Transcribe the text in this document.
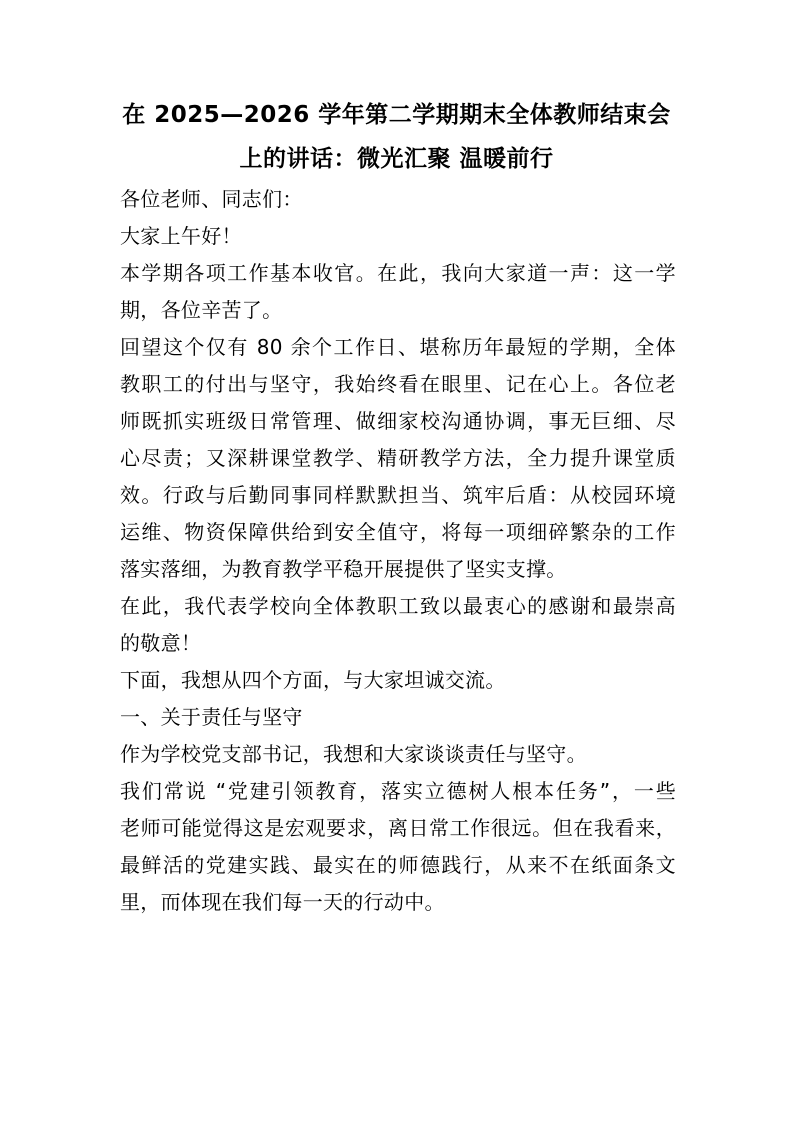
在 2025—2026 学年第二学期期末全体教师结束会
上的讲话：微光汇聚 温暖前行

各位老师、同志们：

大家上午好！

本学期各项工作基本收官。在此，我向大家道一声：这一学

期，各位辛苦了。

回望这个仅有 80 余个工作日、堪称历年最短的学期，全体

教职工的付出与坚守，我始终看在眼里、记在心上。各位老

师既抓实班级日常管理、做细家校沟通协调，事无巨细、尽

心尽责；又深耕课堂教学、精研教学方法，全力提升课堂质

效。行政与后勤同事同样默默担当、筑牢后盾：从校园环境

运维、物资保障供给到安全值守，将每一项细碎繁杂的工作

落实落细，为教育教学平稳开展提供了坚实支撑。

在此，我代表学校向全体教职工致以最衷心的感谢和最崇高

的敬意！

下面，我想从四个方面，与大家坦诚交流。

一、关于责任与坚守

作为学校党支部书记，我想和大家谈谈责任与坚守。

我们常说 “党建引领教育，落实立德树人根本任务”，一些

老师可能觉得这是宏观要求，离日常工作很远。但在我看来，

最鲜活的党建实践、最实在的师德践行，从来不在纸面条文

里，而体现在我们每一天的行动中。
